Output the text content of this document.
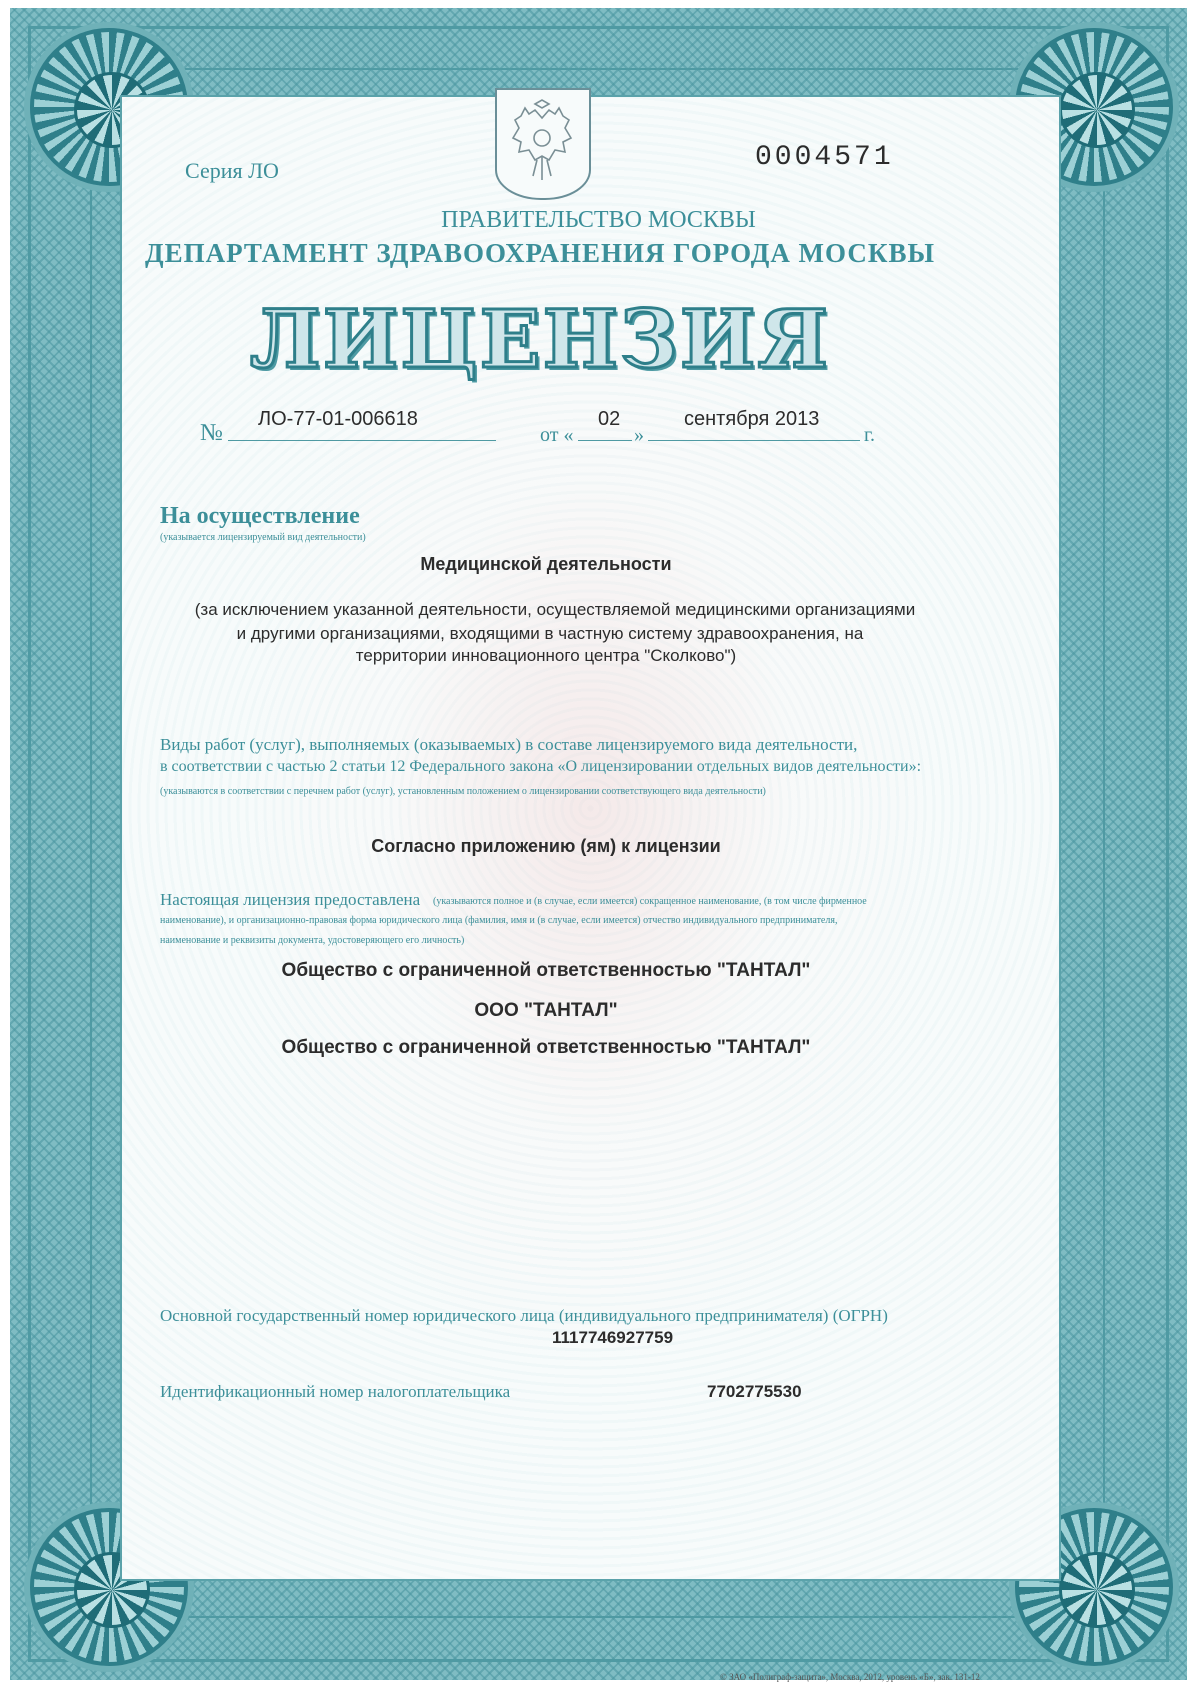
Серия ЛО	0004571
ПРАВИТЕЛЬСТВО МОСКВЫ
ДЕПАРТАМЕНТ ЗДРАВООХРАНЕНИЯ ГОРОДА МОСКВЫ
ЛИЦЕНЗИЯ
№
ЛО-77-01-006618
от «
02
»
сентября 2013
г.
На осуществление
(указывается лицензируемый вид деятельности)
Медицинской деятельности
(за исключением указанной деятельности, осуществляемой медицинскими организациями
и другими организациями, входящими в частную систему здравоохранения, на
территории инновационного центра "Сколково")
Виды работ (услуг), выполняемых (оказываемых) в составе лицензируемого вида деятельности,
в соответствии с частью 2 статьи 12 Федерального закона «О лицензировании отдельных видов деятельности»:
(указываются в соответствии с перечнем работ (услуг), установленным положением о лицензировании соответствующего вида деятельности)
Согласно приложению (ям) к лицензии
Настоящая лицензия предоставлена (указываются полное и (в случае, если имеется) сокращенное наименование, (в том числе фирменное
наименование), и организационно-правовая форма юридического лица (фамилия, имя и (в случае, если имеется) отчество индивидуального предпринимателя,
наименование и реквизиты документа, удостоверяющего его личность)
Общество с ограниченной ответственностью "ТАНТАЛ"
ООО "ТАНТАЛ"
Общество с ограниченной ответственностью "ТАНТАЛ"
Основной государственный номер юридического лица (индивидуального предпринимателя) (ОГРН)
1117746927759
Идентификационный номер налогоплательщика	7702775530
© ЗАО «Полиграф-защита», Москва, 2012, уровень «Б», зак. 131-12
